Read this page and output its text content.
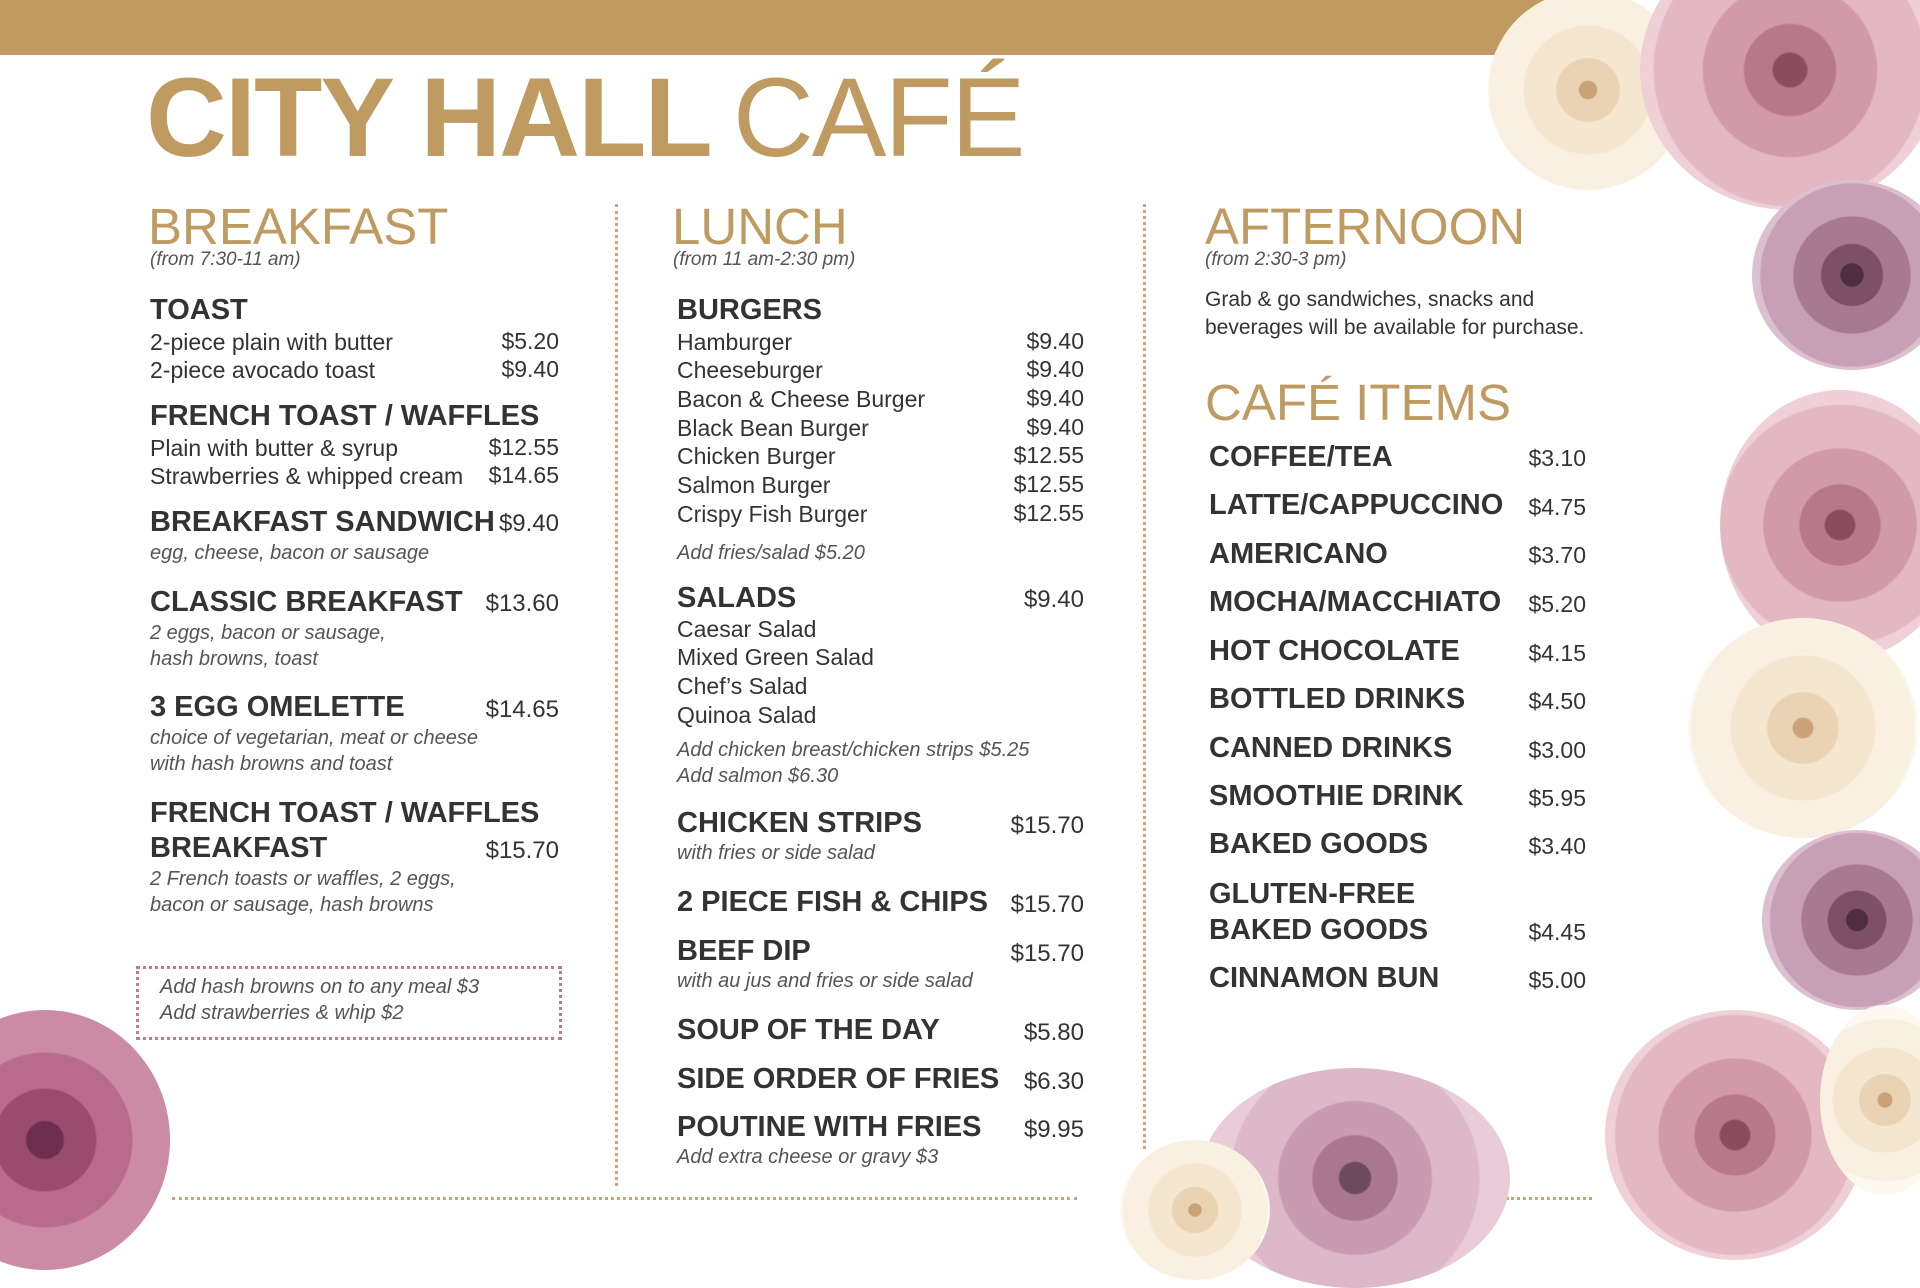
CITY HALL CAFÉ
BREAKFAST
(from 7:30-11 am)
TOAST
2-piece plain with butter	$5.20
2-piece avocado toast	$9.40
FRENCH TOAST / WAFFLES
Plain with butter & syrup	$12.55
Strawberries & whipped cream $14.65
BREAKFAST SANDWICH $9.40
egg, cheese, bacon or sausage
CLASSIC BREAKFAST $13.60
2 eggs, bacon or sausage,
hash browns, toast
3 EGG OMELETTE	$14.65
choice of vegetarian, meat or cheese
with hash browns and toast
FRENCH TOAST / WAFFLES
BREAKFAST	$15.70
2 French toasts or waffles, 2 eggs,
bacon or sausage, hash browns
Add hash browns on to any meal $3
Add strawberries & whip $2
LUNCH
(from 11 am-2:30 pm)
BURGERS
Hamburger	$9.40
Cheeseburger	$9.40
Bacon & Cheese Burger	$9.40
Black Bean Burger	$9.40
Chicken Burger	$12.55
Salmon Burger	$12.55
Crispy Fish Burger	$12.55
Add fries/salad $5.20
SALADS	$9.40
Caesar Salad
Mixed Green Salad
Chef’s Salad
Quinoa Salad
Add chicken breast/chicken strips $5.25
Add salmon $6.30
CHICKEN STRIPS	$15.70
with fries or side salad
2 PIECE FISH & CHIPS $15.70
BEEF DIP	$15.70
with au jus and fries or side salad
SOUP OF THE DAY	$5.80
SIDE ORDER OF FRIES $6.30
POUTINE WITH FRIES $9.95
Add extra cheese or gravy $3
AFTERNOON
(from 2:30-3 pm)
Grab & go sandwiches, snacks and
beverages will be available for purchase.
CAFÉ ITEMS
COFFEE/TEA	$3.10
LATTE/CAPPUCCINO $4.75
AMERICANO	$3.70
MOCHA/MACCHIATO $5.20
HOT CHOCOLATE	$4.15
BOTTLED DRINKS	$4.50
CANNED DRINKS	$3.00
SMOOTHIE DRINK	$5.95
BAKED GOODS	$3.40
GLUTEN-FREE
BAKED GOODS	$4.45
CINNAMON BUN	$5.00
